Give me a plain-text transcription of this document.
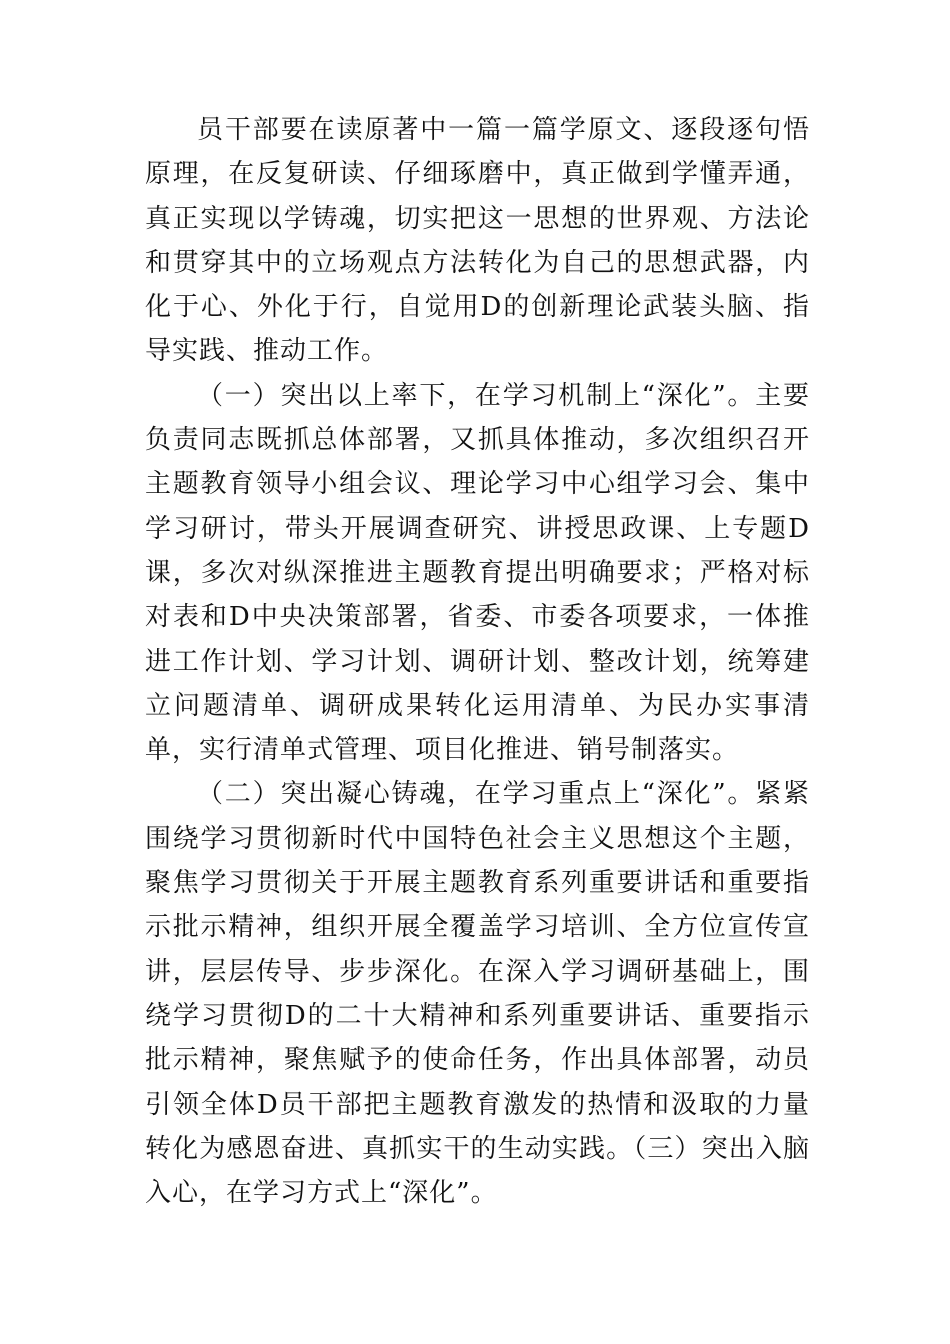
员干部要在读原著中一篇一篇学原文、逐段逐句悟原理，在反复研读、仔细琢磨中，真正做到学懂弄通，真正实现以学铸魂，切实把这一思想的世界观、方法论和贯穿其中的立场观点方法转化为自己的思想武器，内化于心、外化于行，自觉用D的创新理论武装头脑、指导实践、推动工作。

（一）突出以上率下，在学习机制上“深化”。主要负责同志既抓总体部署，又抓具体推动，多次组织召开主题教育领导小组会议、理论学习中心组学习会、集中学习研讨，带头开展调查研究、讲授思政课、上专题D课，多次对纵深推进主题教育提出明确要求；严格对标对表和D中央决策部署，省委、市委各项要求，一体推进工作计划、学习计划、调研计划、整改计划，统筹建立问题清单、调研成果转化运用清单、为民办实事清单，实行清单式管理、项目化推进、销号制落实。

（二）突出凝心铸魂，在学习重点上“深化”。紧紧围绕学习贯彻新时代中国特色社会主义思想这个主题，聚焦学习贯彻关于开展主题教育系列重要讲话和重要指示批示精神，组织开展全覆盖学习培训、全方位宣传宣讲，层层传导、步步深化。在深入学习调研基础上，围绕学习贯彻D的二十大精神和系列重要讲话、重要指示批示精神，聚焦赋予的使命任务，作出具体部署，动员引领全体D员干部把主题教育激发的热情和汲取的力量转化为感恩奋进、真抓实干的生动实践。（三）突出入脑入心，在学习方式上“深化”。
